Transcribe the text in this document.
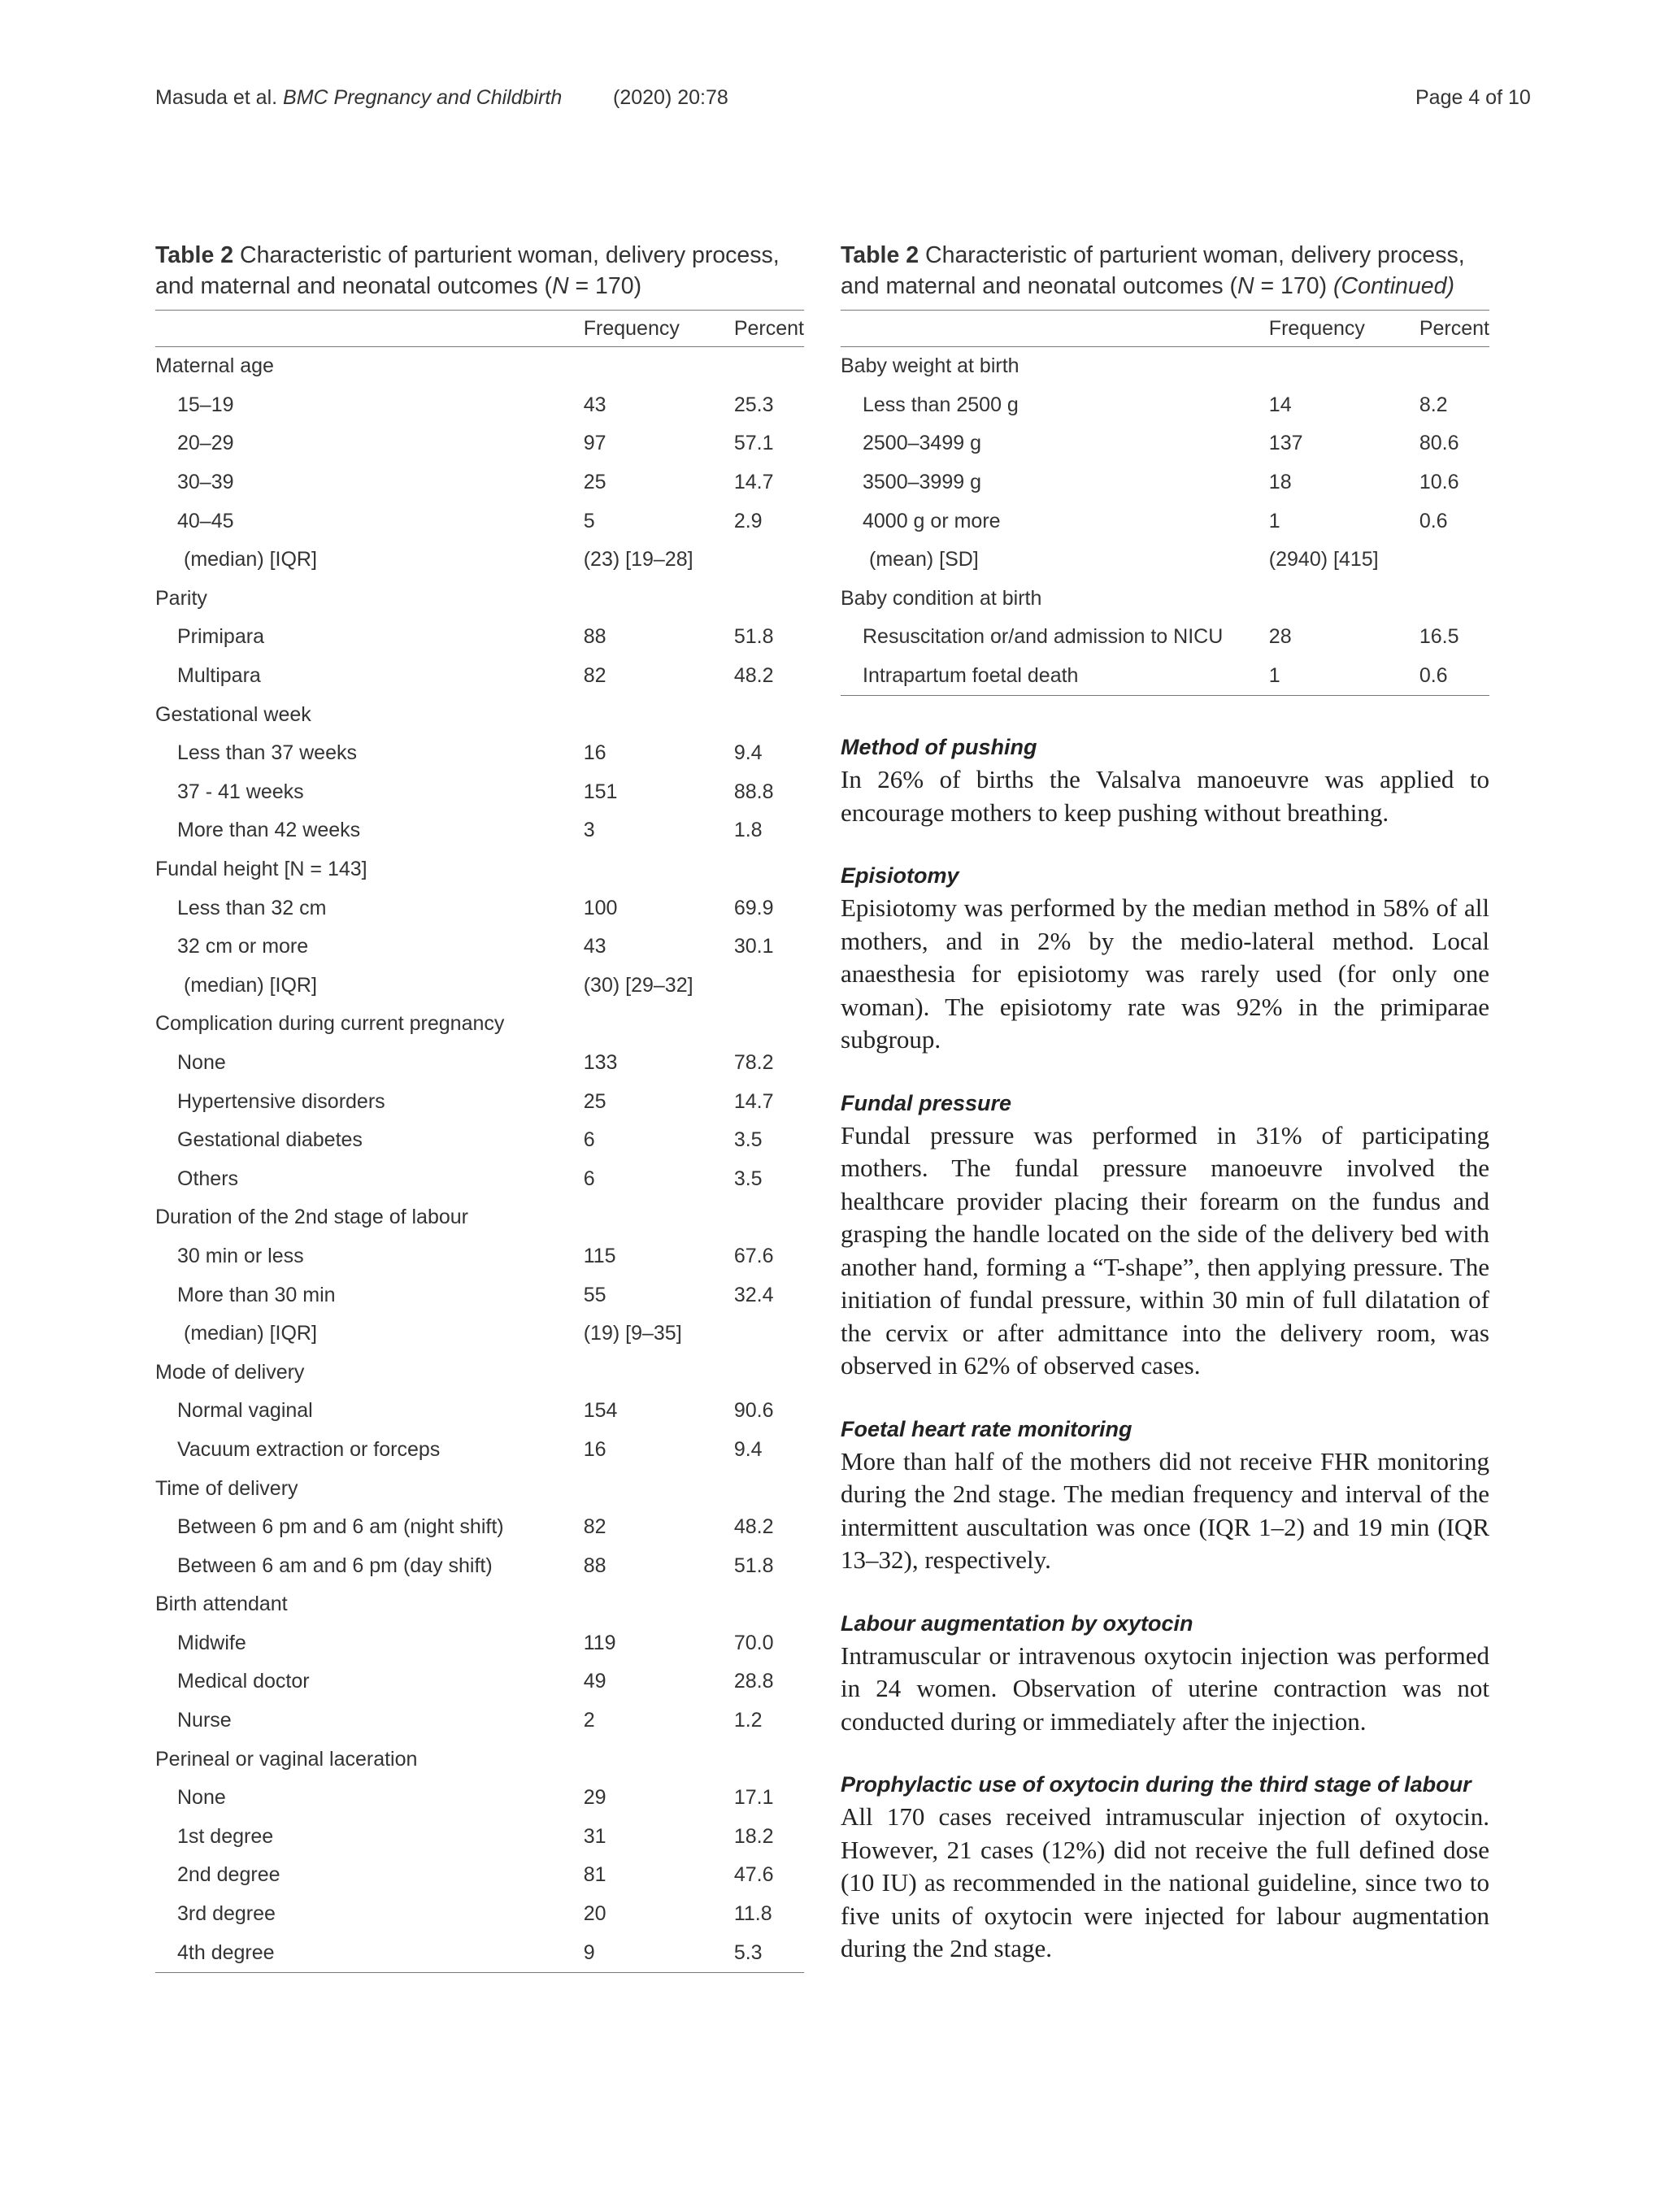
Masuda et al. BMC Pregnancy and Childbirth	(2020) 20:78	Page 4 of 10
Table 2 Characteristic of parturient woman, delivery process, and maternal and neonatal outcomes (N = 170)
	Frequency	Percent
Maternal age		
15–19	43	25.3
20–29	97	57.1
30–39	25	14.7
40–45	5	2.9
(median) [IQR]	(23) [19–28]	
Parity		
Primipara	88	51.8
Multipara	82	48.2
Gestational week		
Less than 37 weeks	16	9.4
37 - 41 weeks	151	88.8
More than 42 weeks	3	1.8
Fundal height [N = 143]		
Less than 32 cm	100	69.9
32 cm or more	43	30.1
(median) [IQR]	(30) [29–32]	
Complication during current pregnancy		
None	133	78.2
Hypertensive disorders	25	14.7
Gestational diabetes	6	3.5
Others	6	3.5
Duration of the 2nd stage of labour		
30 min or less	115	67.6
More than 30 min	55	32.4
(median) [IQR]	(19) [9–35]	
Mode of delivery		
Normal vaginal	154	90.6
Vacuum extraction or forceps	16	9.4
Time of delivery		
Between 6 pm and 6 am (night shift)	82	48.2
Between 6 am and 6 pm (day shift)	88	51.8
Birth attendant		
Midwife	119	70.0
Medical doctor	49	28.8
Nurse	2	1.2
Perineal or vaginal laceration		
None	29	17.1
1st degree	31	18.2
2nd degree	81	47.6
3rd degree	20	11.8
4th degree	9	5.3
Table 2 Characteristic of parturient woman, delivery process, and maternal and neonatal outcomes (N = 170) (Continued)
	Frequency	Percent
Baby weight at birth		
Less than 2500 g	14	8.2
2500–3499 g	137	80.6
3500–3999 g	18	10.6
4000 g or more	1	0.6
(mean) [SD]	(2940) [415]	
Baby condition at birth		
Resuscitation or/and admission to NICU	28	16.5
Intrapartum foetal death	1	0.6
Method of pushing

In 26% of births the Valsalva manoeuvre was applied to encourage mothers to keep pushing without breathing.

Episiotomy

Episiotomy was performed by the median method in 58% of all mothers, and in 2% by the medio-lateral method. Local anaesthesia for episiotomy was rarely used (for only one woman). The episiotomy rate was 92% in the primiparae subgroup.

Fundal pressure

Fundal pressure was performed in 31% of participating mothers. The fundal pressure manoeuvre involved the healthcare provider placing their forearm on the fundus and grasping the handle located on the side of the delivery bed with another hand, forming a “T-shape”, then applying pressure. The initiation of fundal pressure, within 30 min of full dilatation of the cervix or after admittance into the delivery room, was observed in 62% of observed cases.

Foetal heart rate monitoring

More than half of the mothers did not receive FHR monitoring during the 2nd stage. The median frequency and interval of the intermittent auscultation was once (IQR 1–2) and 19 min (IQR 13–32), respectively.

Labour augmentation by oxytocin

Intramuscular or intravenous oxytocin injection was performed in 24 women. Observation of uterine contraction was not conducted during or immediately after the injection.

Prophylactic use of oxytocin during the third stage of labour

All 170 cases received intramuscular injection of oxytocin. However, 21 cases (12%) did not receive the full defined dose (10 IU) as recommended in the national guideline, since two to five units of oxytocin were injected for labour augmentation during the 2nd stage.
